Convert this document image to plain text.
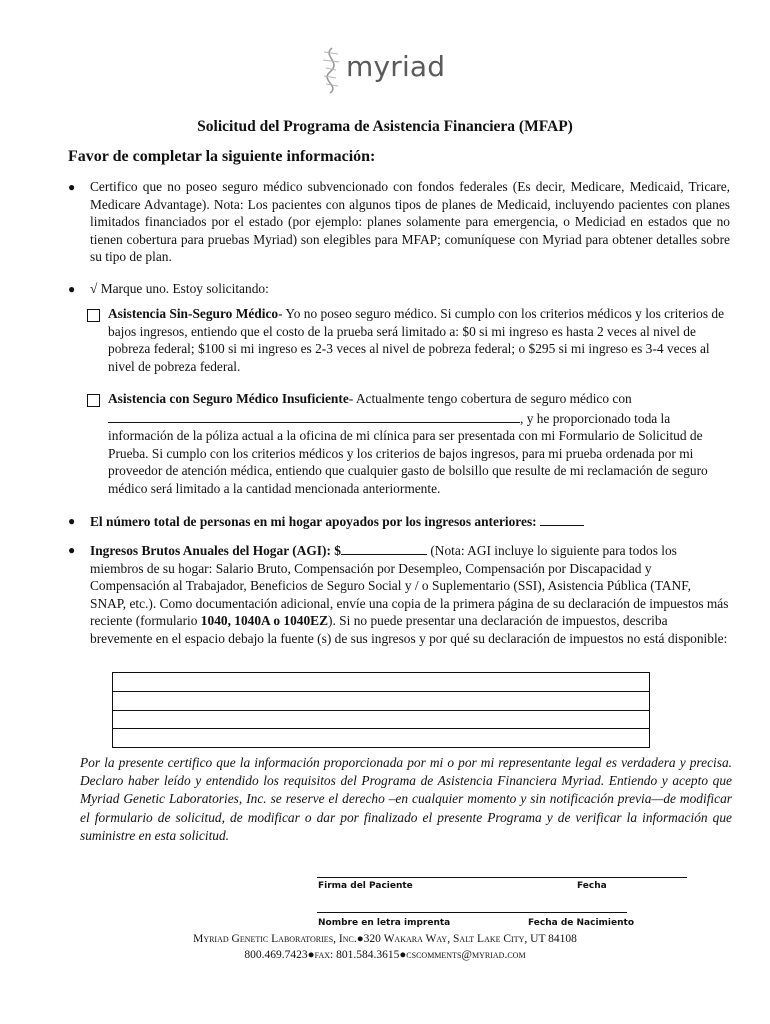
myriad
Solicitud del Programa de Asistencia Financiera (MFAP)
Favor de completar la siguiente información:
● Certifico que no poseo seguro médico subvencionado con fondos federales (Es decir, Medicare, Medicaid, Tricare, Medicare Advantage). Nota: Los pacientes con algunos tipos de planes de Medicaid, incluyendo pacientes con planes limitados financiados por el estado (por ejemplo: planes solamente para emergencia, o Mediciad en estados que no tienen cobertura para pruebas Myriad) son elegibles para MFAP; comuníquese con Myriad para obtener detalles sobre su tipo de plan.
● √ Marque uno. Estoy solicitando:
Asistencia Sin-Seguro Médico- Yo no poseo seguro médico. Si cumplo con los criterios médicos y los criterios de bajos ingresos, entiendo que el costo de la prueba será limitado a: $0 si mi ingreso es hasta 2 veces al nivel de pobreza federal; $100 si mi ingreso es 2-3 veces al nivel de pobreza federal; o $295 si mi ingreso es 3-4 veces al nivel de pobreza federal.
Asistencia con Seguro Médico Insuficiente- Actualmente tengo cobertura de seguro médico con
, y he proporcionado toda la información de la póliza actual a la oficina de mi clínica para ser presentada con mi Formulario de Solicitud de Prueba. Si cumplo con los criterios médicos y los criterios de bajos ingresos, para mi prueba ordenada por mi proveedor de atención médica, entiendo que cualquier gasto de bolsillo que resulte de mi reclamación de seguro médico será limitado a la cantidad mencionada anteriormente.
● El número total de personas en mi hogar apoyados por los ingresos anteriores:
● Ingresos Brutos Anuales del Hogar (AGI): $	(Nota: AGI incluye lo siguiente para todos los miembros de su hogar: Salario Bruto, Compensación por Desempleo, Compensación por Discapacidad y Compensación al Trabajador, Beneficios de Seguro Social y / o Suplementario (SSI), Asistencia Pública (TANF, SNAP, etc.). Como documentación adicional, envíe una copia de la primera página de su declaración de impuestos más reciente (formulario 1040, 1040A o 1040EZ). Si no puede presentar una declaración de impuestos, describa brevemente en el espacio debajo la fuente (s) de sus ingresos y por qué su declaración de impuestos no está disponible:
Por la presente certifico que la información proporcionada por mi o por mi representante legal es verdadera y precisa. Declaro haber leído y entendido los requisitos del Programa de Asistencia Financiera Myriad. Entiendo y acepto que Myriad Genetic Laboratories, Inc. se reserve el derecho –en cualquier momento y sin notificación previa—de modificar el formulario de solicitud, de modificar o dar por finalizado el presente Programa y de verificar la información que suministre en esta solicitud.
Firma del Paciente	Fecha
Nombre en letra imprenta	Fecha de Nacimiento
Myriad Genetic Laboratories, Inc.●320 Wakara Way, Salt Lake City, UT 84108
800.469.7423●fax: 801.584.3615●cscomments@myriad.com
